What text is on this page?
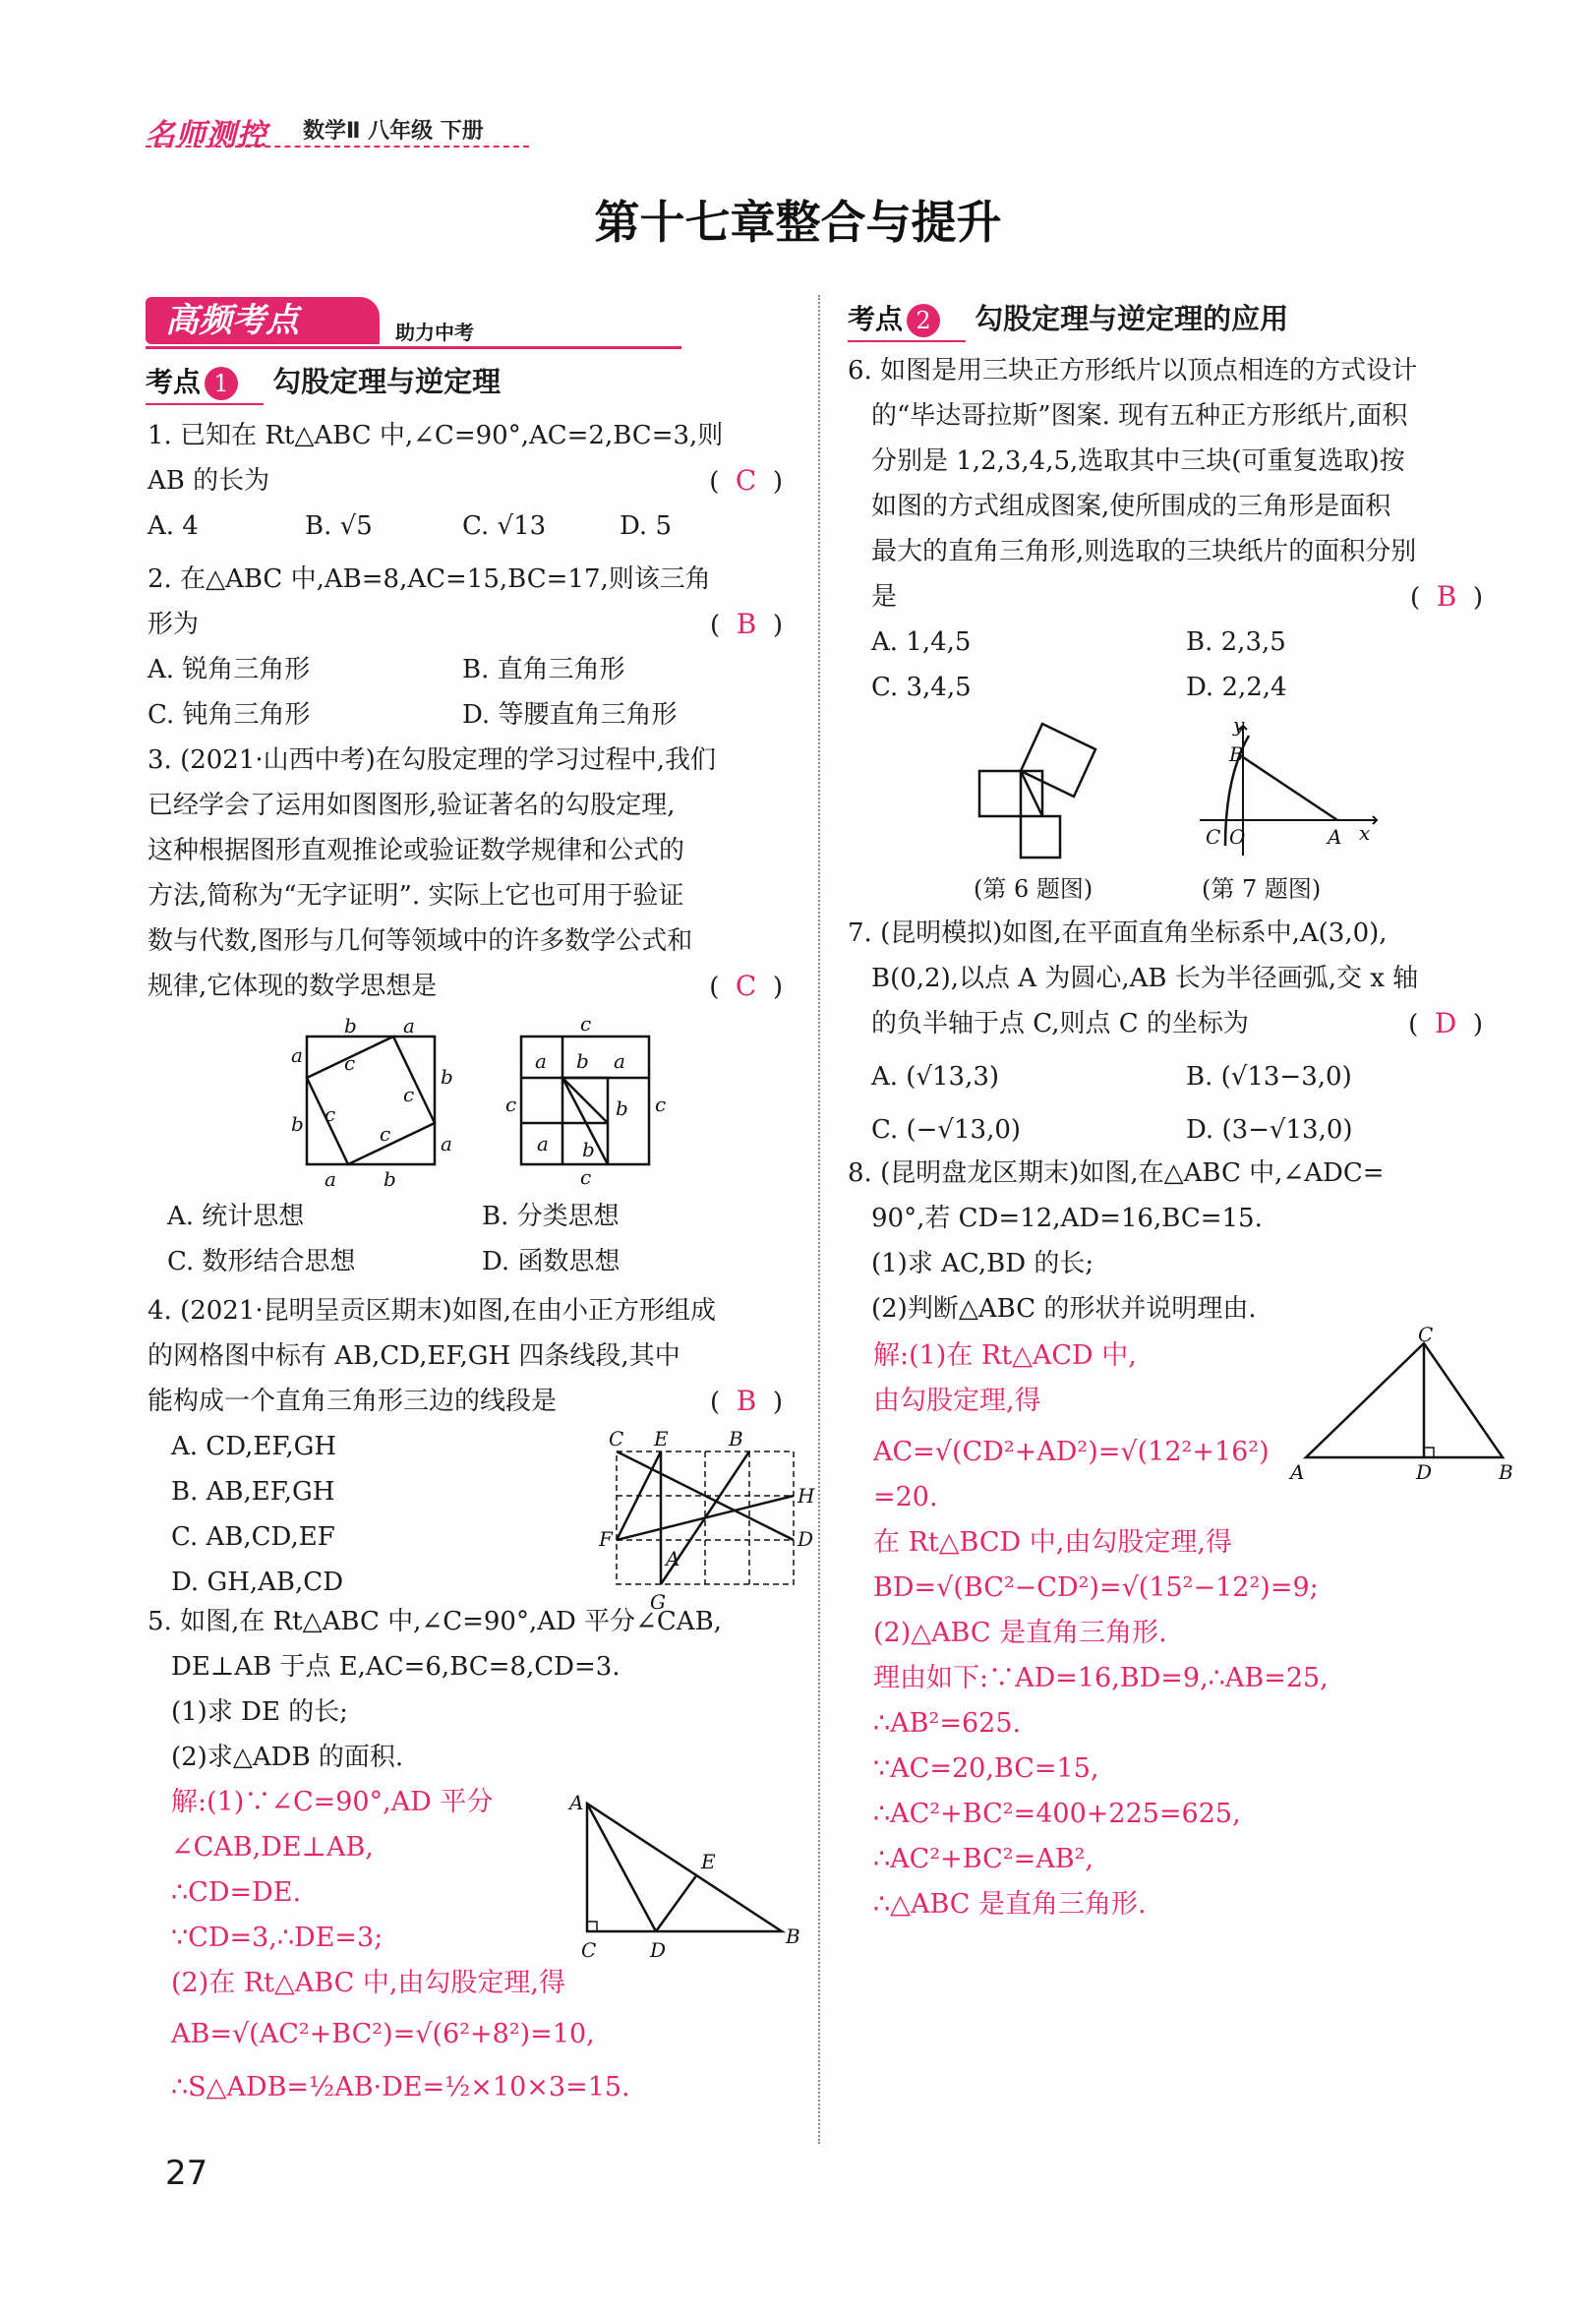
名师测控 数学Ⅱ 八年级 下册
第十七章整合与提升
高频考点	助力中考
考点 1 勾股定理与逆定理
1. 已知在 Rt△ABC 中,∠C=90°,AC=2,BC=3,则
AB 的长为	(  C  )
A. 4	B. √5	C. √13	D. 5
2. 在△ABC 中,AB=8,AC=15,BC=17,则该三角
形为	(  B  )
A. 锐角三角形	B. 直角三角形
C. 钝角三角形	D. 等腰直角三角形
3. (2021·山西中考)在勾股定理的学习过程中,我们
已经学会了运用如图图形,验证著名的勾股定理,
这种根据图形直观推论或验证数学规律和公式的
方法,简称为“无字证明”. 实际上它也可用于验证
数与代数,图形与几何等领域中的许多数学公式和
规律,它体现的数学思想是	(  C  )
b a
a
b
b
a
a b
c
c
c
c
c
c	c
a b a
a b
b
c
A. 统计思想	B. 分类思想
C. 数形结合思想	D. 函数思想
4. (2021·昆明呈贡区期末)如图,在由小正方形组成
的网格图中标有 AB,CD,EF,GH 四条线段,其中
能构成一个直角三角形三边的线段是	(  B  )
A. CD,EF,GH
B. AB,EF,GH
C. AB,CD,EF
D. GH,AB,CD
C E	B
H
D
F
A
G
5. 如图,在 Rt△ABC 中,∠C=90°,AD 平分∠CAB,
DE⊥AB 于点 E,AC=6,BC=8,CD=3.
(1)求 DE 的长;
(2)求△ADB 的面积.
解:(1)∵∠C=90°,AD 平分
∠CAB,DE⊥AB,
∴CD=DE.
∵CD=3,∴DE=3;
(2)在 Rt△ABC 中,由勾股定理,得
AB=√(AC²+BC²)=√(6²+8²)=10,
∴S△ADB=½AB·DE=½×10×3=15.
A
C	D
B
E
考点 2 勾股定理与逆定理的应用
6. 如图是用三块正方形纸片以顶点相连的方式设计
的“毕达哥拉斯”图案. 现有五种正方形纸片,面积
分别是 1,2,3,4,5,选取其中三块(可重复选取)按
如图的方式组成图案,使所围成的三角形是面积
最大的直角三角形,则选取的三块纸片的面积分别
是	(  B  )
A. 1,4,5	B. 2,3,5
C. 3,4,5	D. 2,2,4
(第 6 题图)
y
B
C O	A x
(第 7 题图)
7. (昆明模拟)如图,在平面直角坐标系中,A(3,0),
B(0,2),以点 A 为圆心,AB 长为半径画弧,交 x 轴
的负半轴于点 C,则点 C 的坐标为	(  D  )
A. (√13,3)	B. (√13−3,0)
C. (−√13,0)	D. (3−√13,0)
8. (昆明盘龙区期末)如图,在△ABC 中,∠ADC=
90°,若 CD=12,AD=16,BC=15.
(1)求 AC,BD 的长;
(2)判断△ABC 的形状并说明理由.
解:(1)在 Rt△ACD 中,
由勾股定理,得
AC=√(CD²+AD²)=√(12²+16²)
=20.
在 Rt△BCD 中,由勾股定理,得
BD=√(BC²−CD²)=√(15²−12²)=9;
(2)△ABC 是直角三角形.
理由如下:∵AD=16,BD=9,∴AB=25,
∴AB²=625.
∵AC=20,BC=15,
∴AC²+BC²=400+225=625,
∴AC²+BC²=AB²,
∴△ABC 是直角三角形.
C
A	D	B
27
